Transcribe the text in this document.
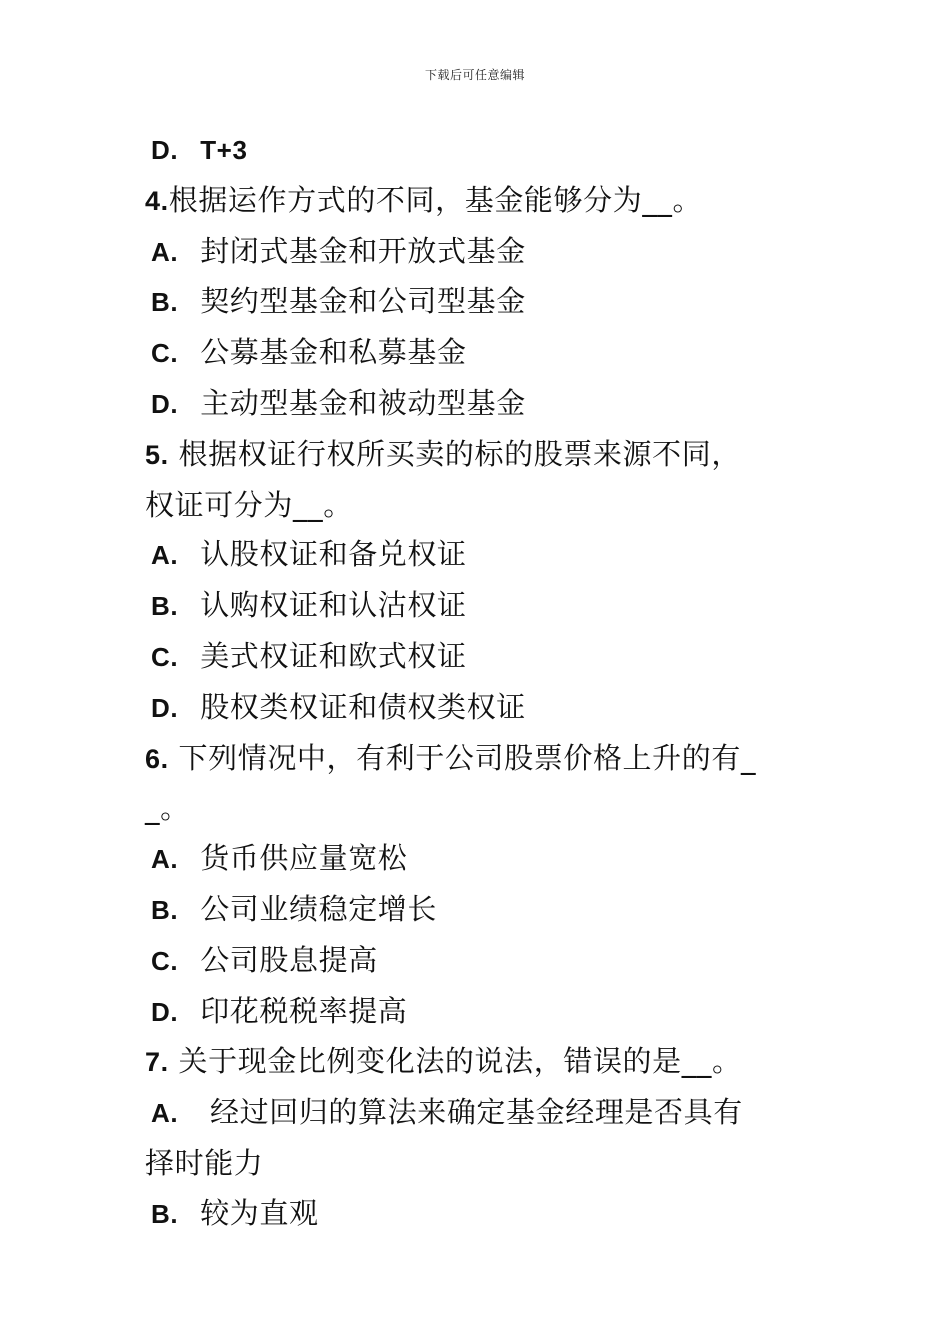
下载后可任意编辑
D. T+3
4.根据运作方式的不同，基金能够分为__。
A. 封闭式基金和开放式基金
B. 契约型基金和公司型基金
C. 公募基金和私募基金
D. 主动型基金和被动型基金
5. 根据权证行权所买卖的标的股票来源不同，
权证可分为__。
A. 认股权证和备兑权证
B. 认购权证和认沽权证
C. 美式权证和欧式权证
D. 股权类权证和债权类权证
6. 下列情况中，有利于公司股票价格上升的有_
_。
A. 货币供应量宽松
B. 公司业绩稳定增长
C. 公司股息提高
D. 印花税税率提高
7. 关于现金比例变化法的说法，错误的是__。
A. 经过回归的算法来确定基金经理是否具有
择时能力
B. 较为直观
